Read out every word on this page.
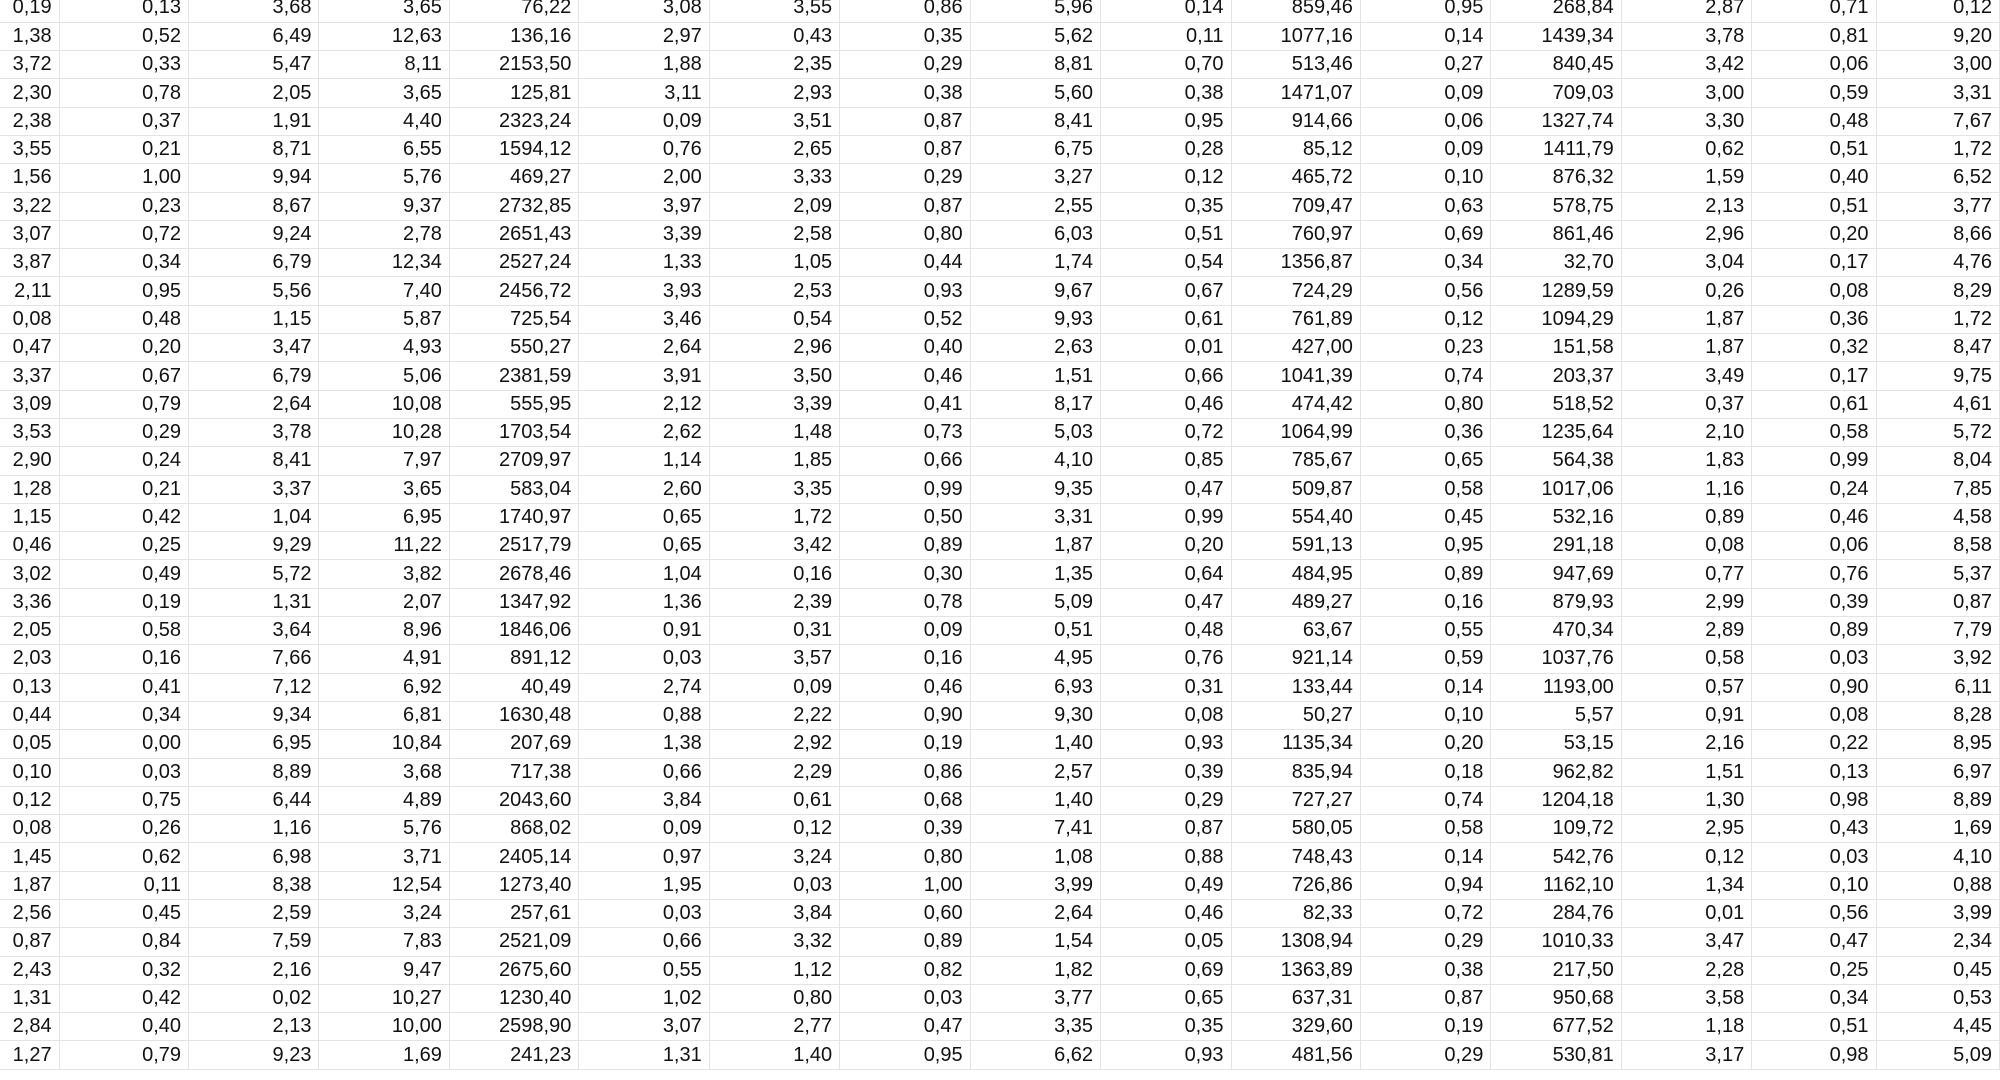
0,19	0,13	3,68	3,65	76,22	3,08	3,55	0,86	5,96	0,14	859,46	0,95	268,84	2,87	0,71	0,12
1,38	0,52	6,49	12,63	136,16	2,97	0,43	0,35	5,62	0,11	1077,16	0,14	1439,34	3,78	0,81	9,20
3,72	0,33	5,47	8,11	2153,50	1,88	2,35	0,29	8,81	0,70	513,46	0,27	840,45	3,42	0,06	3,00
2,30	0,78	2,05	3,65	125,81	3,11	2,93	0,38	5,60	0,38	1471,07	0,09	709,03	3,00	0,59	3,31
2,38	0,37	1,91	4,40	2323,24	0,09	3,51	0,87	8,41	0,95	914,66	0,06	1327,74	3,30	0,48	7,67
3,55	0,21	8,71	6,55	1594,12	0,76	2,65	0,87	6,75	0,28	85,12	0,09	1411,79	0,62	0,51	1,72
1,56	1,00	9,94	5,76	469,27	2,00	3,33	0,29	3,27	0,12	465,72	0,10	876,32	1,59	0,40	6,52
3,22	0,23	8,67	9,37	2732,85	3,97	2,09	0,87	2,55	0,35	709,47	0,63	578,75	2,13	0,51	3,77
3,07	0,72	9,24	2,78	2651,43	3,39	2,58	0,80	6,03	0,51	760,97	0,69	861,46	2,96	0,20	8,66
3,87	0,34	6,79	12,34	2527,24	1,33	1,05	0,44	1,74	0,54	1356,87	0,34	32,70	3,04	0,17	4,76
2,11	0,95	5,56	7,40	2456,72	3,93	2,53	0,93	9,67	0,67	724,29	0,56	1289,59	0,26	0,08	8,29
0,08	0,48	1,15	5,87	725,54	3,46	0,54	0,52	9,93	0,61	761,89	0,12	1094,29	1,87	0,36	1,72
0,47	0,20	3,47	4,93	550,27	2,64	2,96	0,40	2,63	0,01	427,00	0,23	151,58	1,87	0,32	8,47
3,37	0,67	6,79	5,06	2381,59	3,91	3,50	0,46	1,51	0,66	1041,39	0,74	203,37	3,49	0,17	9,75
3,09	0,79	2,64	10,08	555,95	2,12	3,39	0,41	8,17	0,46	474,42	0,80	518,52	0,37	0,61	4,61
3,53	0,29	3,78	10,28	1703,54	2,62	1,48	0,73	5,03	0,72	1064,99	0,36	1235,64	2,10	0,58	5,72
2,90	0,24	8,41	7,97	2709,97	1,14	1,85	0,66	4,10	0,85	785,67	0,65	564,38	1,83	0,99	8,04
1,28	0,21	3,37	3,65	583,04	2,60	3,35	0,99	9,35	0,47	509,87	0,58	1017,06	1,16	0,24	7,85
1,15	0,42	1,04	6,95	1740,97	0,65	1,72	0,50	3,31	0,99	554,40	0,45	532,16	0,89	0,46	4,58
0,46	0,25	9,29	11,22	2517,79	0,65	3,42	0,89	1,87	0,20	591,13	0,95	291,18	0,08	0,06	8,58
3,02	0,49	5,72	3,82	2678,46	1,04	0,16	0,30	1,35	0,64	484,95	0,89	947,69	0,77	0,76	5,37
3,36	0,19	1,31	2,07	1347,92	1,36	2,39	0,78	5,09	0,47	489,27	0,16	879,93	2,99	0,39	0,87
2,05	0,58	3,64	8,96	1846,06	0,91	0,31	0,09	0,51	0,48	63,67	0,55	470,34	2,89	0,89	7,79
2,03	0,16	7,66	4,91	891,12	0,03	3,57	0,16	4,95	0,76	921,14	0,59	1037,76	0,58	0,03	3,92
0,13	0,41	7,12	6,92	40,49	2,74	0,09	0,46	6,93	0,31	133,44	0,14	1193,00	0,57	0,90	6,11
0,44	0,34	9,34	6,81	1630,48	0,88	2,22	0,90	9,30	0,08	50,27	0,10	5,57	0,91	0,08	8,28
0,05	0,00	6,95	10,84	207,69	1,38	2,92	0,19	1,40	0,93	1135,34	0,20	53,15	2,16	0,22	8,95
0,10	0,03	8,89	3,68	717,38	0,66	2,29	0,86	2,57	0,39	835,94	0,18	962,82	1,51	0,13	6,97
0,12	0,75	6,44	4,89	2043,60	3,84	0,61	0,68	1,40	0,29	727,27	0,74	1204,18	1,30	0,98	8,89
0,08	0,26	1,16	5,76	868,02	0,09	0,12	0,39	7,41	0,87	580,05	0,58	109,72	2,95	0,43	1,69
1,45	0,62	6,98	3,71	2405,14	0,97	3,24	0,80	1,08	0,88	748,43	0,14	542,76	0,12	0,03	4,10
1,87	0,11	8,38	12,54	1273,40	1,95	0,03	1,00	3,99	0,49	726,86	0,94	1162,10	1,34	0,10	0,88
2,56	0,45	2,59	3,24	257,61	0,03	3,84	0,60	2,64	0,46	82,33	0,72	284,76	0,01	0,56	3,99
0,87	0,84	7,59	7,83	2521,09	0,66	3,32	0,89	1,54	0,05	1308,94	0,29	1010,33	3,47	0,47	2,34
2,43	0,32	2,16	9,47	2675,60	0,55	1,12	0,82	1,82	0,69	1363,89	0,38	217,50	2,28	0,25	0,45
1,31	0,42	0,02	10,27	1230,40	1,02	0,80	0,03	3,77	0,65	637,31	0,87	950,68	3,58	0,34	0,53
2,84	0,40	2,13	10,00	2598,90	3,07	2,77	0,47	3,35	0,35	329,60	0,19	677,52	1,18	0,51	4,45
1,27	0,79	9,23	1,69	241,23	1,31	1,40	0,95	6,62	0,93	481,56	0,29	530,81	3,17	0,98	5,09
